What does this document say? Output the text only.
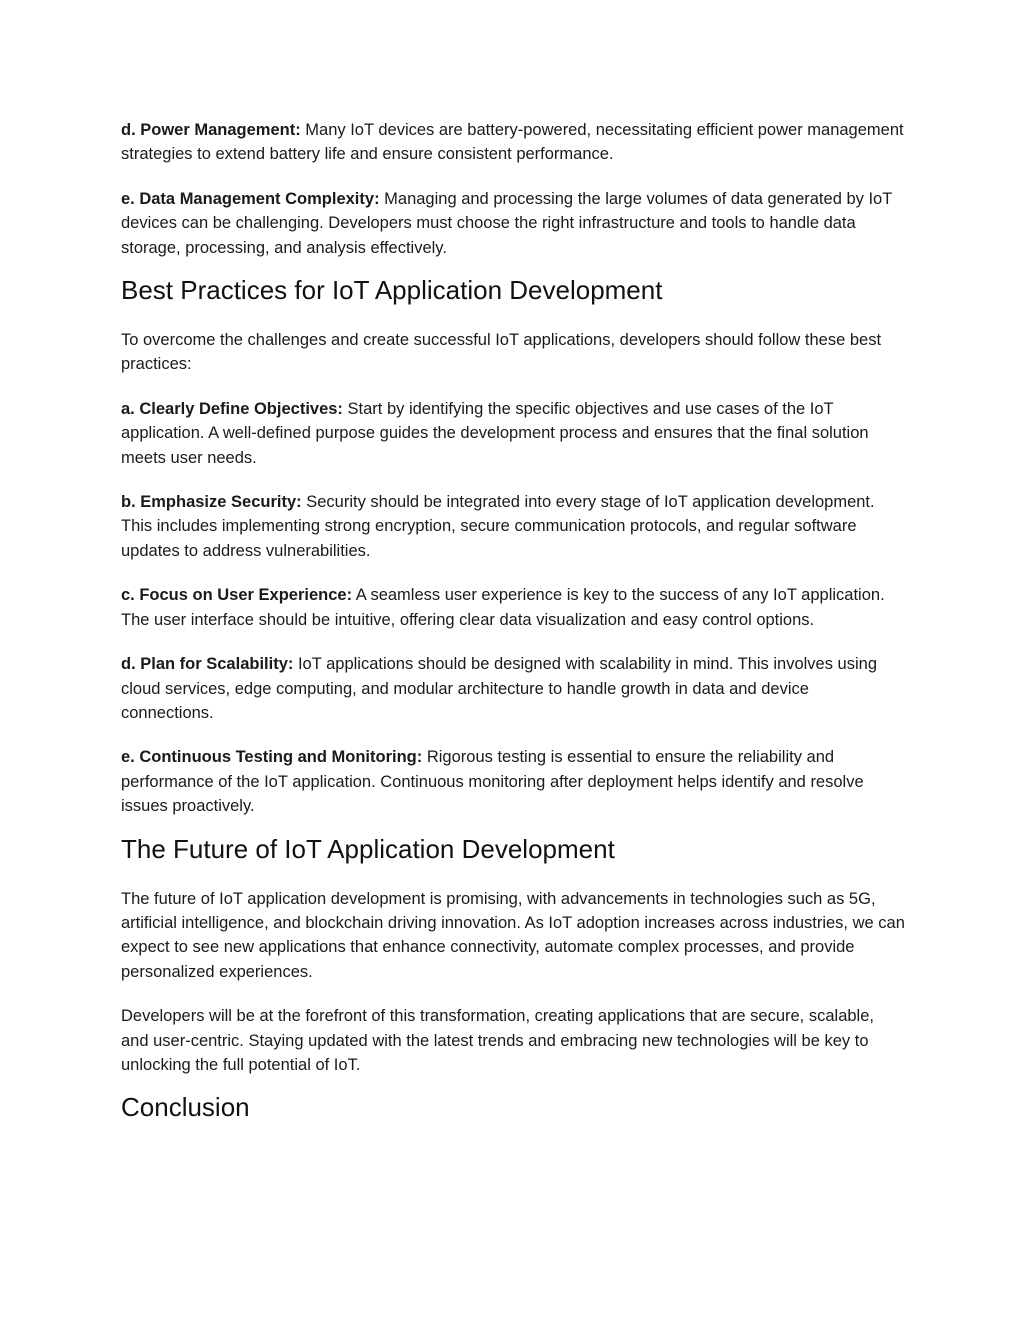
d. Power Management: Many IoT devices are battery-powered, necessitating efficient power management strategies to extend battery life and ensure consistent performance.

e. Data Management Complexity: Managing and processing the large volumes of data generated by IoT devices can be challenging. Developers must choose the right infrastructure and tools to handle data storage, processing, and analysis effectively.

Best Practices for IoT Application Development

To overcome the challenges and create successful IoT applications, developers should follow these best practices:

a. Clearly Define Objectives: Start by identifying the specific objectives and use cases of the IoT application. A well-defined purpose guides the development process and ensures that the final solution meets user needs.

b. Emphasize Security: Security should be integrated into every stage of IoT application development. This includes implementing strong encryption, secure communication protocols, and regular software updates to address vulnerabilities.

c. Focus on User Experience: A seamless user experience is key to the success of any IoT application. The user interface should be intuitive, offering clear data visualization and easy control options.

d. Plan for Scalability: IoT applications should be designed with scalability in mind. This involves using cloud services, edge computing, and modular architecture to handle growth in data and device connections.

e. Continuous Testing and Monitoring: Rigorous testing is essential to ensure the reliability and performance of the IoT application. Continuous monitoring after deployment helps identify and resolve issues proactively.

The Future of IoT Application Development

The future of IoT application development is promising, with advancements in technologies such as 5G, artificial intelligence, and blockchain driving innovation. As IoT adoption increases across industries, we can expect to see new applications that enhance connectivity, automate complex processes, and provide personalized experiences.

Developers will be at the forefront of this transformation, creating applications that are secure, scalable, and user-centric. Staying updated with the latest trends and embracing new technologies will be key to unlocking the full potential of IoT.

Conclusion
